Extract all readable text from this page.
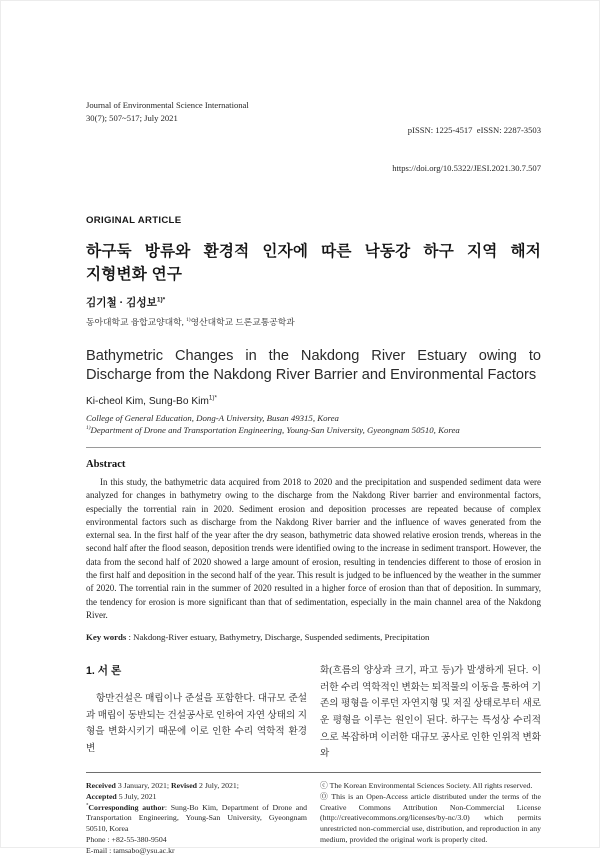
Journal of Environmental Science International
30(7); 507~517; July 2021

pISSN: 1225-4517  eISSN: 2287-3503

https://doi.org/10.5322/JESI.2021.30.7.507

ORIGINAL ARTICLE
하구둑 방류와 환경적 인자에 따른 낙동강 하구 지역 해저
지형변화 연구
김기철 · 김성보$^{1)*}$
동아대학교 융합교양대학, $^{1)}$영산대학교 드론교통공학과
Bathymetric Changes in the Nakdong River Estuary owing to Discharge from the Nakdong River Barrier and Environmental Factors
Ki-cheol Kim, Sung-Bo Kim$^{1)*}$
College of General Education, Dong-A University, Busan 49315, Korea
$^{1)}$Department of Drone and Transportation Engineering, Young-San University, Gyeongnam 50510, Korea
Abstract
In this study, the bathymetric data acquired from 2018 to 2020 and the precipitation and suspended sediment data were analyzed for changes in bathymetry owing to the discharge from the Nakdong River barrier and environmental factors, especially the torrential rain in 2020. Sediment erosion and deposition processes are repeated because of complex environmental factors such as discharge from the Nakdong River barrier and the influence of waves generated from the external sea. In the first half of the year after the dry season, bathymetric data showed relative erosion trends, whereas in the second half after the flood season, deposition trends were identified owing to the increase in sediment transport. However, the data from the second half of 2020 showed a large amount of erosion, resulting in tendencies different to those of erosion in the first half and deposition in the second half of the year. This result is judged to be influenced by the weather in the summer of 2020. The torrential rain in the summer of 2020 resulted in a higher force of erosion than that of deposition. In summary, the tendency for erosion is more significant than that of sedimentation, especially in the main channel area of the Nakdong River.
Key words : Nakdong-River estuary, Bathymetry, Discharge, Suspended sediments, Precipitation
1. 서 론
항만건설은 매립이나 준설을 포함한다. 대규모 준설과 매립이 동반되는 건설공사로 인하여 자연 상태의 지형을 변화시키기 때문에 이로 인한 수리 역학적 환경 변
화(흐름의 양상과 크기, 파고 등)가 발생하게 된다. 이러한 수리 역학적인 변화는 퇴적물의 이동을 통하여 기존의 평형을 이루던 자연지형 및 저질 상태로부터 새로운 평형을 이루는 원인이 된다. 하구는 특성상 수리적으로 복잡하며 이러한 대규모 공사로 인한 인위적 변화와
Received 3 January, 2021; Revised 2 July, 2021;
Accepted 5 July, 2021
*Corresponding author: Sung-Bo Kim, Department of Drone and Transportation Engineering, Young-San University, Gyeongnam 50510, Korea
Phone : +82-55-380-9504
E-mail : tamsabo@ysu.ac.kr
ⓒ The Korean Environmental Sciences Society. All rights reserved.
Ⓞ This is an Open-Access article distributed under the terms of the Creative Commons Attribution Non-Commercial License (http://creativecommons.org/licenses/by-nc/3.0) which permits unrestricted non-commercial use, distribution, and reproduction in any medium, provided the original work is properly cited.
